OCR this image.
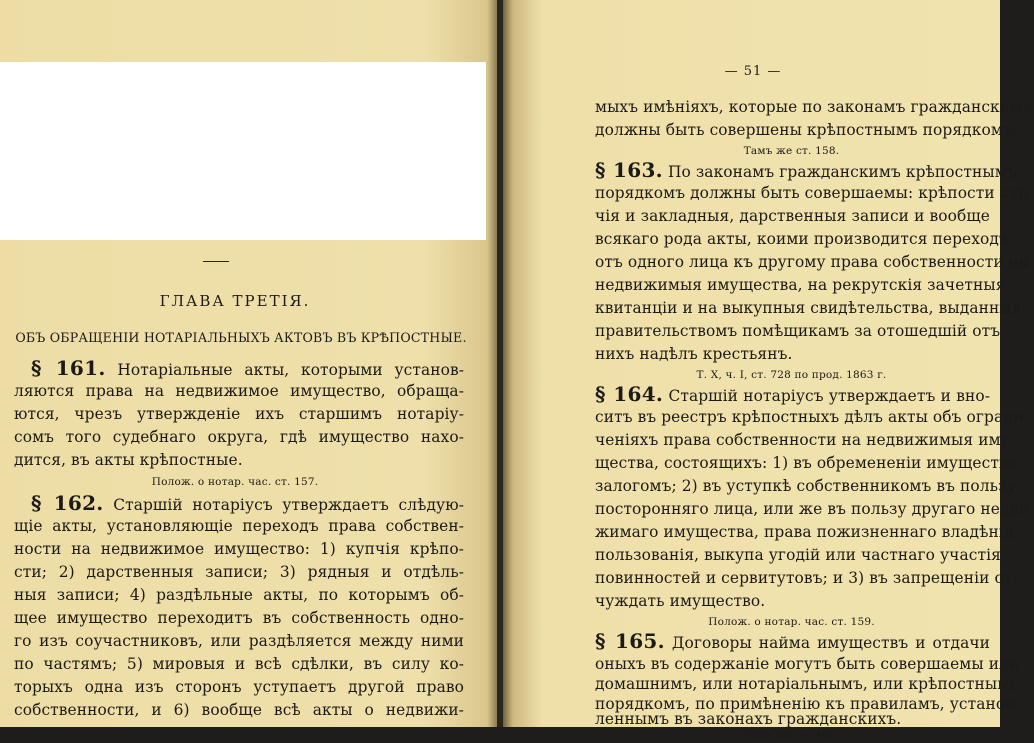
ГЛАВА ТРЕТІЯ.
ОБЪ ОБРАЩЕНІИ НОТАРІАЛЬНЫХЪ АКТОВЪ ВЪ КРѢПОСТНЫЕ.
§ 161. Нотаріальные акты, которыми установ-
ляются права на недвижимое имущество, обраща-
ются, чрезъ утвержденіе ихъ старшимъ нотаріу-
сомъ того судебнаго округа, гдѣ имущество нахо-
дится, въ акты крѣпостные.
Полож. о нотар. час. ст. 157.
§ 162. Старшій нотаріусъ утверждаетъ слѣдую-
щіе акты, установляющіе переходъ права собствен-
ности на недвижимое имущество: 1) купчія крѣпо-
сти; 2) дарственныя записи; 3) рядныя и отдѣль-
ныя записи; 4) раздѣльные акты, по которымъ об-
щее имущество переходитъ въ собственность одно-
го изъ соучастниковъ, или раздѣляется между ними
по частямъ; 5) мировыя и всѣ сдѣлки, въ силу ко-
торыхъ одна изъ сторонъ уступаетъ другой право
собственности, и 6) вообще всѣ акты о недвижи-
— 51 —
мыхъ имѣніяхъ, которые по законамъ гражданскимъ
должны быть совершены крѣпостнымъ порядкомъ.
Тамъ же ст. 158.
§ 163. По законамъ гражданскимъ крѣпостнымъ
порядкомъ должны быть совершаемы: крѣпости куп-
чія и закладныя, дарственныя записи и вообще
всякаго рода акты, коими производится переходъ
отъ одного лица къ другому права собственности на
недвижимыя имущества, на рекрутскія зачетныя
квитанціи и на выкупныя свидѣтельства, выданныя
правительствомъ помѣщикамъ за отошедшій отъ
нихъ надѣлъ крестьянъ.
Т. X, ч. I, ст. 728 по прод. 1863 г.
§ 164. Старшій нотаріусъ утверждаетъ и вно-
ситъ въ реестръ крѣпостныхъ дѣлъ акты объ ограни-
ченіяхъ права собственности на недвижимыя иму-
щества, состоящихъ: 1) въ обремененіи имущества
залогомъ; 2) въ уступкѣ собственникомъ въ пользу
посторонняго лица, или же въ пользу другаго недви-
жимаго имущества, права пожизненнаго владѣнія,
пользованія, выкупа угодій или частнаго участія,
повинностей и сервитутовъ; и 3) въ запрещеніи от-
чуждать имущество.
Полож. о нотар. час. ст. 159.
§ 165. Договоры найма имуществъ и отдачи
оныхъ въ содержаніе могутъ быть совершаемы или
домашнимъ, или нотаріальнымъ, или крѣпостнымъ
порядкомъ, по примѣненію къ правиламъ, установ-
леннымъ въ законахъ гражданскихъ.
Тамъ же ст. 160.
